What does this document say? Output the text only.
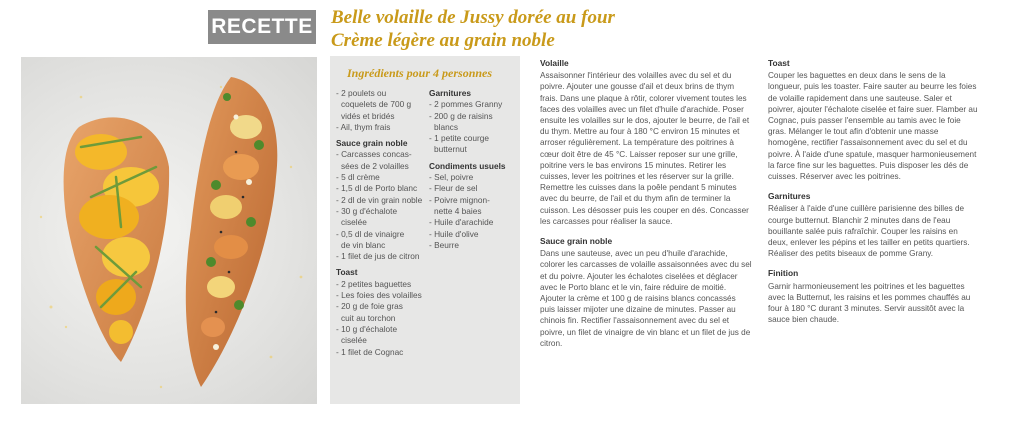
RECETTE Belle volaille de Jussy dorée au four
Crème légère au grain noble
Ingrédients pour 4 personnes
- 2 poulets ou
coquelets de 700 g
vidés et bridés
- Ail, thym frais
Sauce grain noble
- Carcasses concas-
sées de 2 volailles
- 5 dl crème
- 1,5 dl de Porto blanc
- 2 dl de vin grain noble
- 30 g d'échalote
ciselée
- 0,5 dl de vinaigre
de vin blanc
- 1 filet de jus de citron
Toast
- 2 petites baguettes
- Les foies des volailles
- 20 g de foie gras
cuit au torchon
- 10 g d'échalote
ciselée
- 1 filet de Cognac
Garnitures
- 2 pommes Granny
- 200 g de raisins
blancs
- 1 petite courge
butternut
Condiments usuels
- Sel, poivre
- Fleur de sel
- Poivre mignon-
nette 4 baies
- Huile d'arachide
- Huile d'olive
- Beurre
Volaille

Assaisonner l'intérieur des volailles avec du sel et du poivre. Ajouter une gousse d'ail et deux brins de thym frais. Dans une plaque à rôtir, colorer vivement toutes les faces des volailles avec un filet d'huile d'arachide. Poser ensuite les volailles sur le dos, ajouter le beurre, de l'ail et du thym. Mettre au four à 180 °C environ 15 minutes et arroser régulièrement. La température des poitrines à cœur doit être de 45 °C. Laisser reposer sur une grille, poitrine vers le bas environs 15 minutes. Retirer les cuisses, lever les poitrines et les réserver sur la grille. Remettre les cuisses dans la poêle pendant 5 minutes avec du beurre, de l'ail et du thym afin de terminer la cuisson. Les désosser puis les couper en dés. Concasser les carcasses pour réaliser la sauce.

Sauce grain noble

Dans une sauteuse, avec un peu d'huile d'arachide, colorer les carcasses de volaille assaisonnées avec du sel et du poivre. Ajouter les échalotes ciselées et déglacer avec le Porto blanc et le vin, faire réduire de moitié. Ajouter la crème et 100 g de raisins blancs concassés puis laisser mijoter une dizaine de minutes. Passer au chinois fin. Rectifier l'assaisonnement avec du sel et poivre, un filet de vinaigre de vin blanc et un filet de jus de citron.

Toast

Couper les baguettes en deux dans le sens de la longueur, puis les toaster. Faire sauter au beurre les foies de volaille rapidement dans une sauteuse. Saler et poivrer, ajouter l'échalote ciselée et faire suer. Flamber au Cognac, puis passer l'ensemble au tamis avec le foie gras. Mélanger le tout afin d'obtenir une masse homogène, rectifier l'assaisonnement avec du sel et du poivre. À l'aide d'une spatule, masquer harmonieusement la farce fine sur les baguettes. Puis disposer les dés de cuisses. Réserver avec les poitrines.

Garnitures

Réaliser à l'aide d'une cuillère parisienne des billes de courge butternut. Blanchir 2 minutes dans de l'eau bouillante salée puis rafraîchir. Couper les raisins en deux, enlever les pépins et les tailler en petits quartiers. Réaliser des petits biseaux de pomme Grany.

Finition

Garnir harmonieusement les poitrines et les baguettes avec la Butternut, les raisins et les pommes chauffés au four à 180 °C durant 3 minutes. Servir aussitôt avec la sauce bien chaude.
